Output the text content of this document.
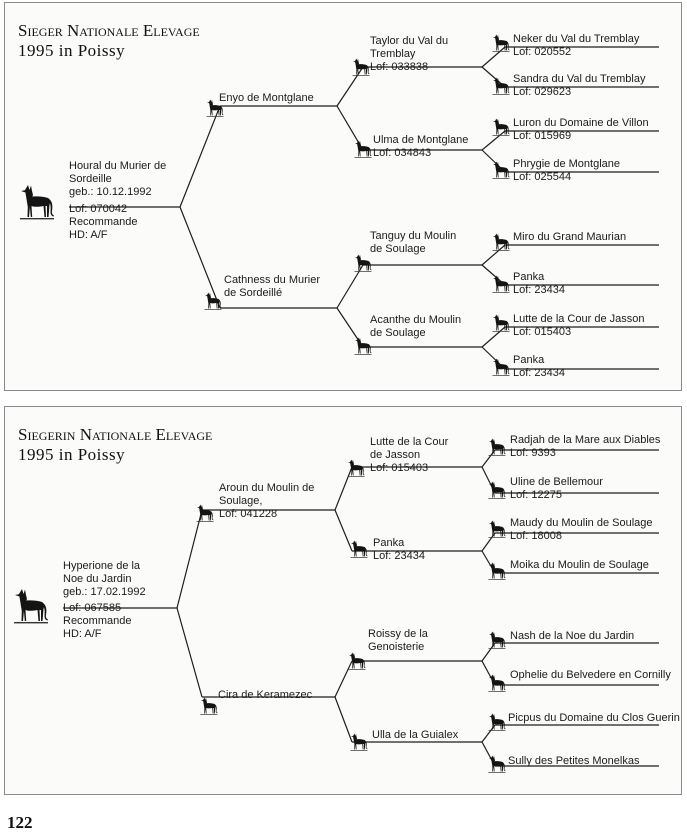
Sieger Nationale Elevage
1995 in Poissy
Houral du Murier de
Sordeille
geb.: 10.12.1992
Lof: 070042
Recommande
HD: A/F
Enyo de Montglane
Cathness du Murier
de Sordeillé
Taylor du Val du
Tremblay
Lof: 033838
Ulma de Montglane
Lof: 034843
Tanguy du Moulin
de Soulage
Acanthe du Moulin
de Soulage
Neker du Val du Tremblay
Lof: 020552
Sandra du Val du Tremblay
Lof: 029623
Luron du Domaine de Villon
Lof: 015969
Phrygie de Montglane
Lof: 025544
Miro du Grand Maurian
Panka
Lof: 23434
Lutte de la Cour de Jasson
Lof: 015403
Panka
Lof: 23434
Siegerin Nationale Elevage
1995 in Poissy
Hyperione de la
Noe du Jardin
geb.: 17.02.1992
Lof: 067585
Recommande
HD: A/F
Aroun du Moulin de
Soulage,
Lof: 041228
Cira de Keramezec
Lutte de la Cour
de Jasson
Lof: 015403
Panka
Lof: 23434
Roissy de la
Genoisterie
Ulla de la Guialex
Radjah de la Mare aux Diables
Lof: 9393
Uline de Bellemour
Lof: 12275
Maudy du Moulin de Soulage
Lof: 18008
Moika du Moulin de Soulage
Nash de la Noe du Jardin
Ophelie du Belvedere en Cornilly
Picpus du Domaine du Clos Guerin
Sully des Petites Monelkas

122
